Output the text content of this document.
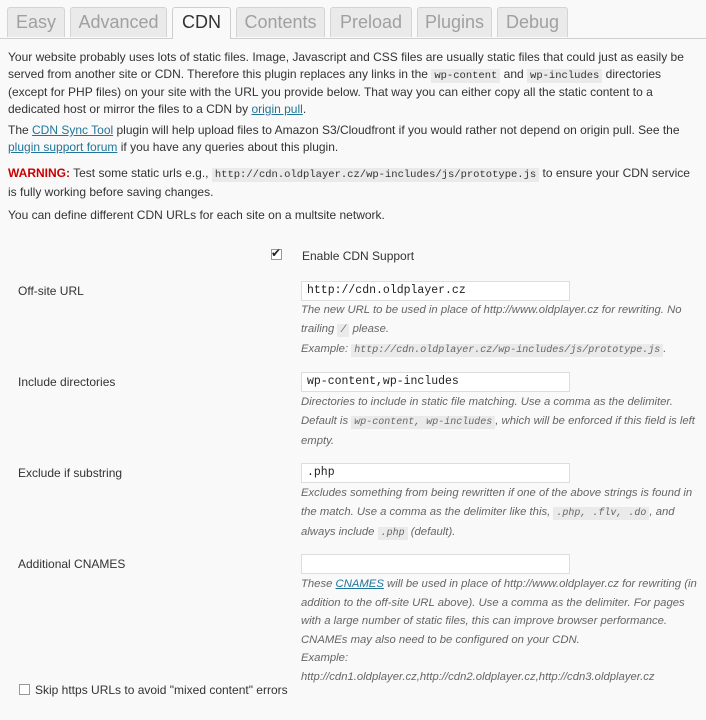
Easy	Advanced	CDN	Contents	Preload	Plugins	Debug

Your website probably uses lots of static files. Image, Javascript and CSS files are usually static files that could just as easily be served from another site or CDN. Therefore this plugin replaces any links in the wp-content and wp-includes directories (except for PHP files) on your site with the URL you provide below. That way you can either copy all the static content to a dedicated host or mirror the files to a CDN by origin pull.

The CDN Sync Tool plugin will help upload files to Amazon S3/Cloudfront if you would rather not depend on origin pull. See the plugin support forum if you have any queries about this plugin.

WARNING: Test some static urls e.g., http://cdn.oldplayer.cz/wp-includes/js/prototype.js to ensure your CDN service is fully working before saving changes.

You can define different CDN URLs for each site on a multsite network.

✔ Enable CDN Support
Off-site URL	http://cdn.oldplayer.cz
The new URL to be used in place of http://www.oldplayer.cz for rewriting. No trailing / please.
Example: http://cdn.oldplayer.cz/wp-includes/js/prototype.js .
Include directories	wp-content,wp-includes
Directories to include in static file matching. Use a comma as the delimiter. Default is wp-content, wp-includes , which will be enforced if this field is left empty.
Exclude if substring	.php
Excludes something from being rewritten if one of the above strings is found in the match. Use a comma as the delimiter like this, .php, .flv, .do , and always include .php (default).
Additional CNAMES
These CNAMES will be used in place of http://www.oldplayer.cz for rewriting (in addition to the off-site URL above). Use a comma as the delimiter. For pages with a large number of static files, this can improve browser performance. CNAMEs may also need to be configured on your CDN.
Example: http://cdn1.oldplayer.cz,http://cdn2.oldplayer.cz,http://cdn3.oldplayer.cz
Skip https URLs to avoid "mixed content" errors
